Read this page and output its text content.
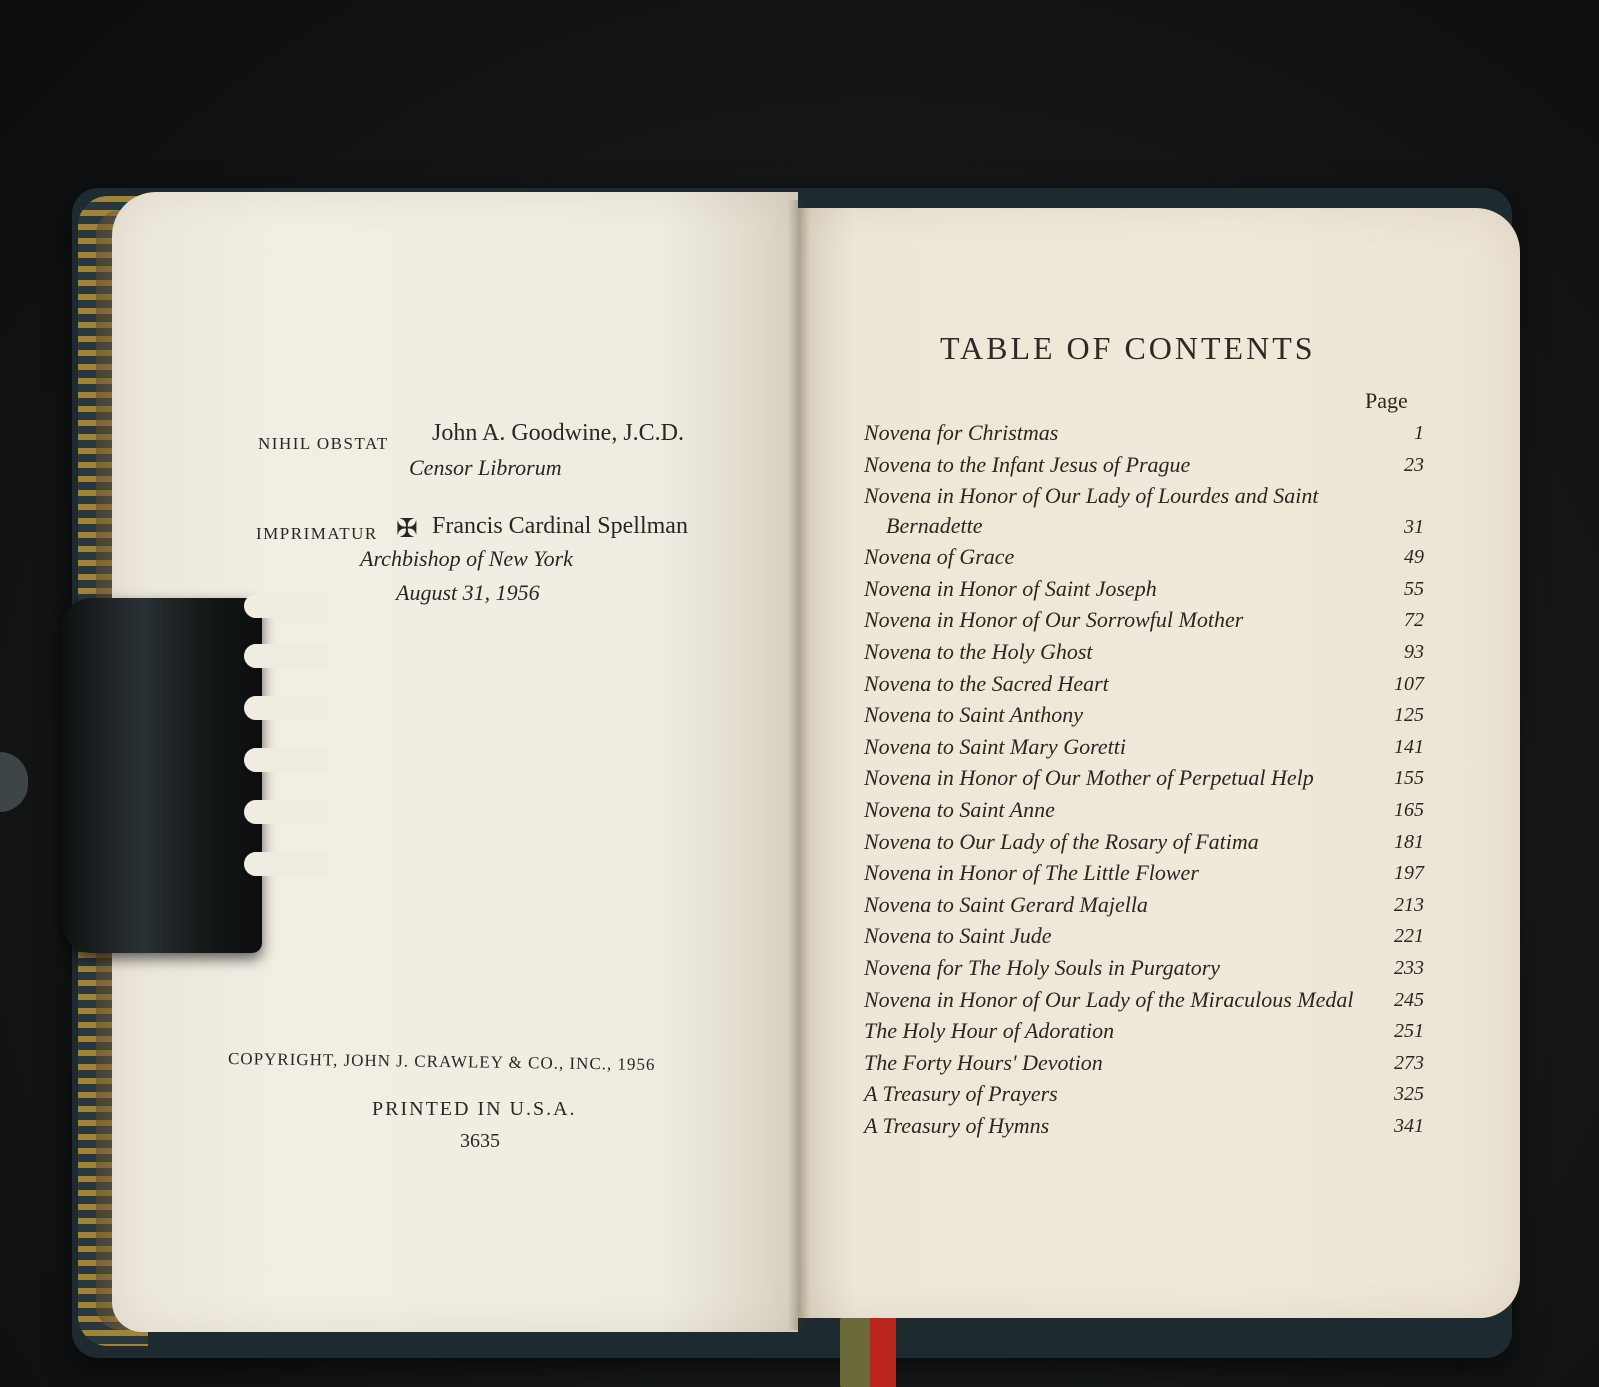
NIHIL OBSTAT John A. Goodwine, J.C.D.
Censor Librorum
IMPRIMATUR ✠ Francis Cardinal Spellman
Archbishop of New York
August 31, 1956
COPYRIGHT, JOHN J. CRAWLEY & CO., INC., 1956
PRINTED IN U.S.A.
3635
TABLE OF CONTENTS
Page
Novena for Christmas	1
Novena to the Infant Jesus of Prague	23
Novena in Honor of Our Lady of Lourdes and Saint
Bernadette	31
Novena of Grace	49
Novena in Honor of Saint Joseph	55
Novena in Honor of Our Sorrowful Mother	72
Novena to the Holy Ghost	93
Novena to the Sacred Heart	107
Novena to Saint Anthony	125
Novena to Saint Mary Goretti	141
Novena in Honor of Our Mother of Perpetual Help	155
Novena to Saint Anne	165
Novena to Our Lady of the Rosary of Fatima	181
Novena in Honor of The Little Flower	197
Novena to Saint Gerard Majella	213
Novena to Saint Jude	221
Novena for The Holy Souls in Purgatory	233
Novena in Honor of Our Lady of the Miraculous Medal 245
The Holy Hour of Adoration	251
The Forty Hours' Devotion	273
A Treasury of Prayers	325
A Treasury of Hymns	341
